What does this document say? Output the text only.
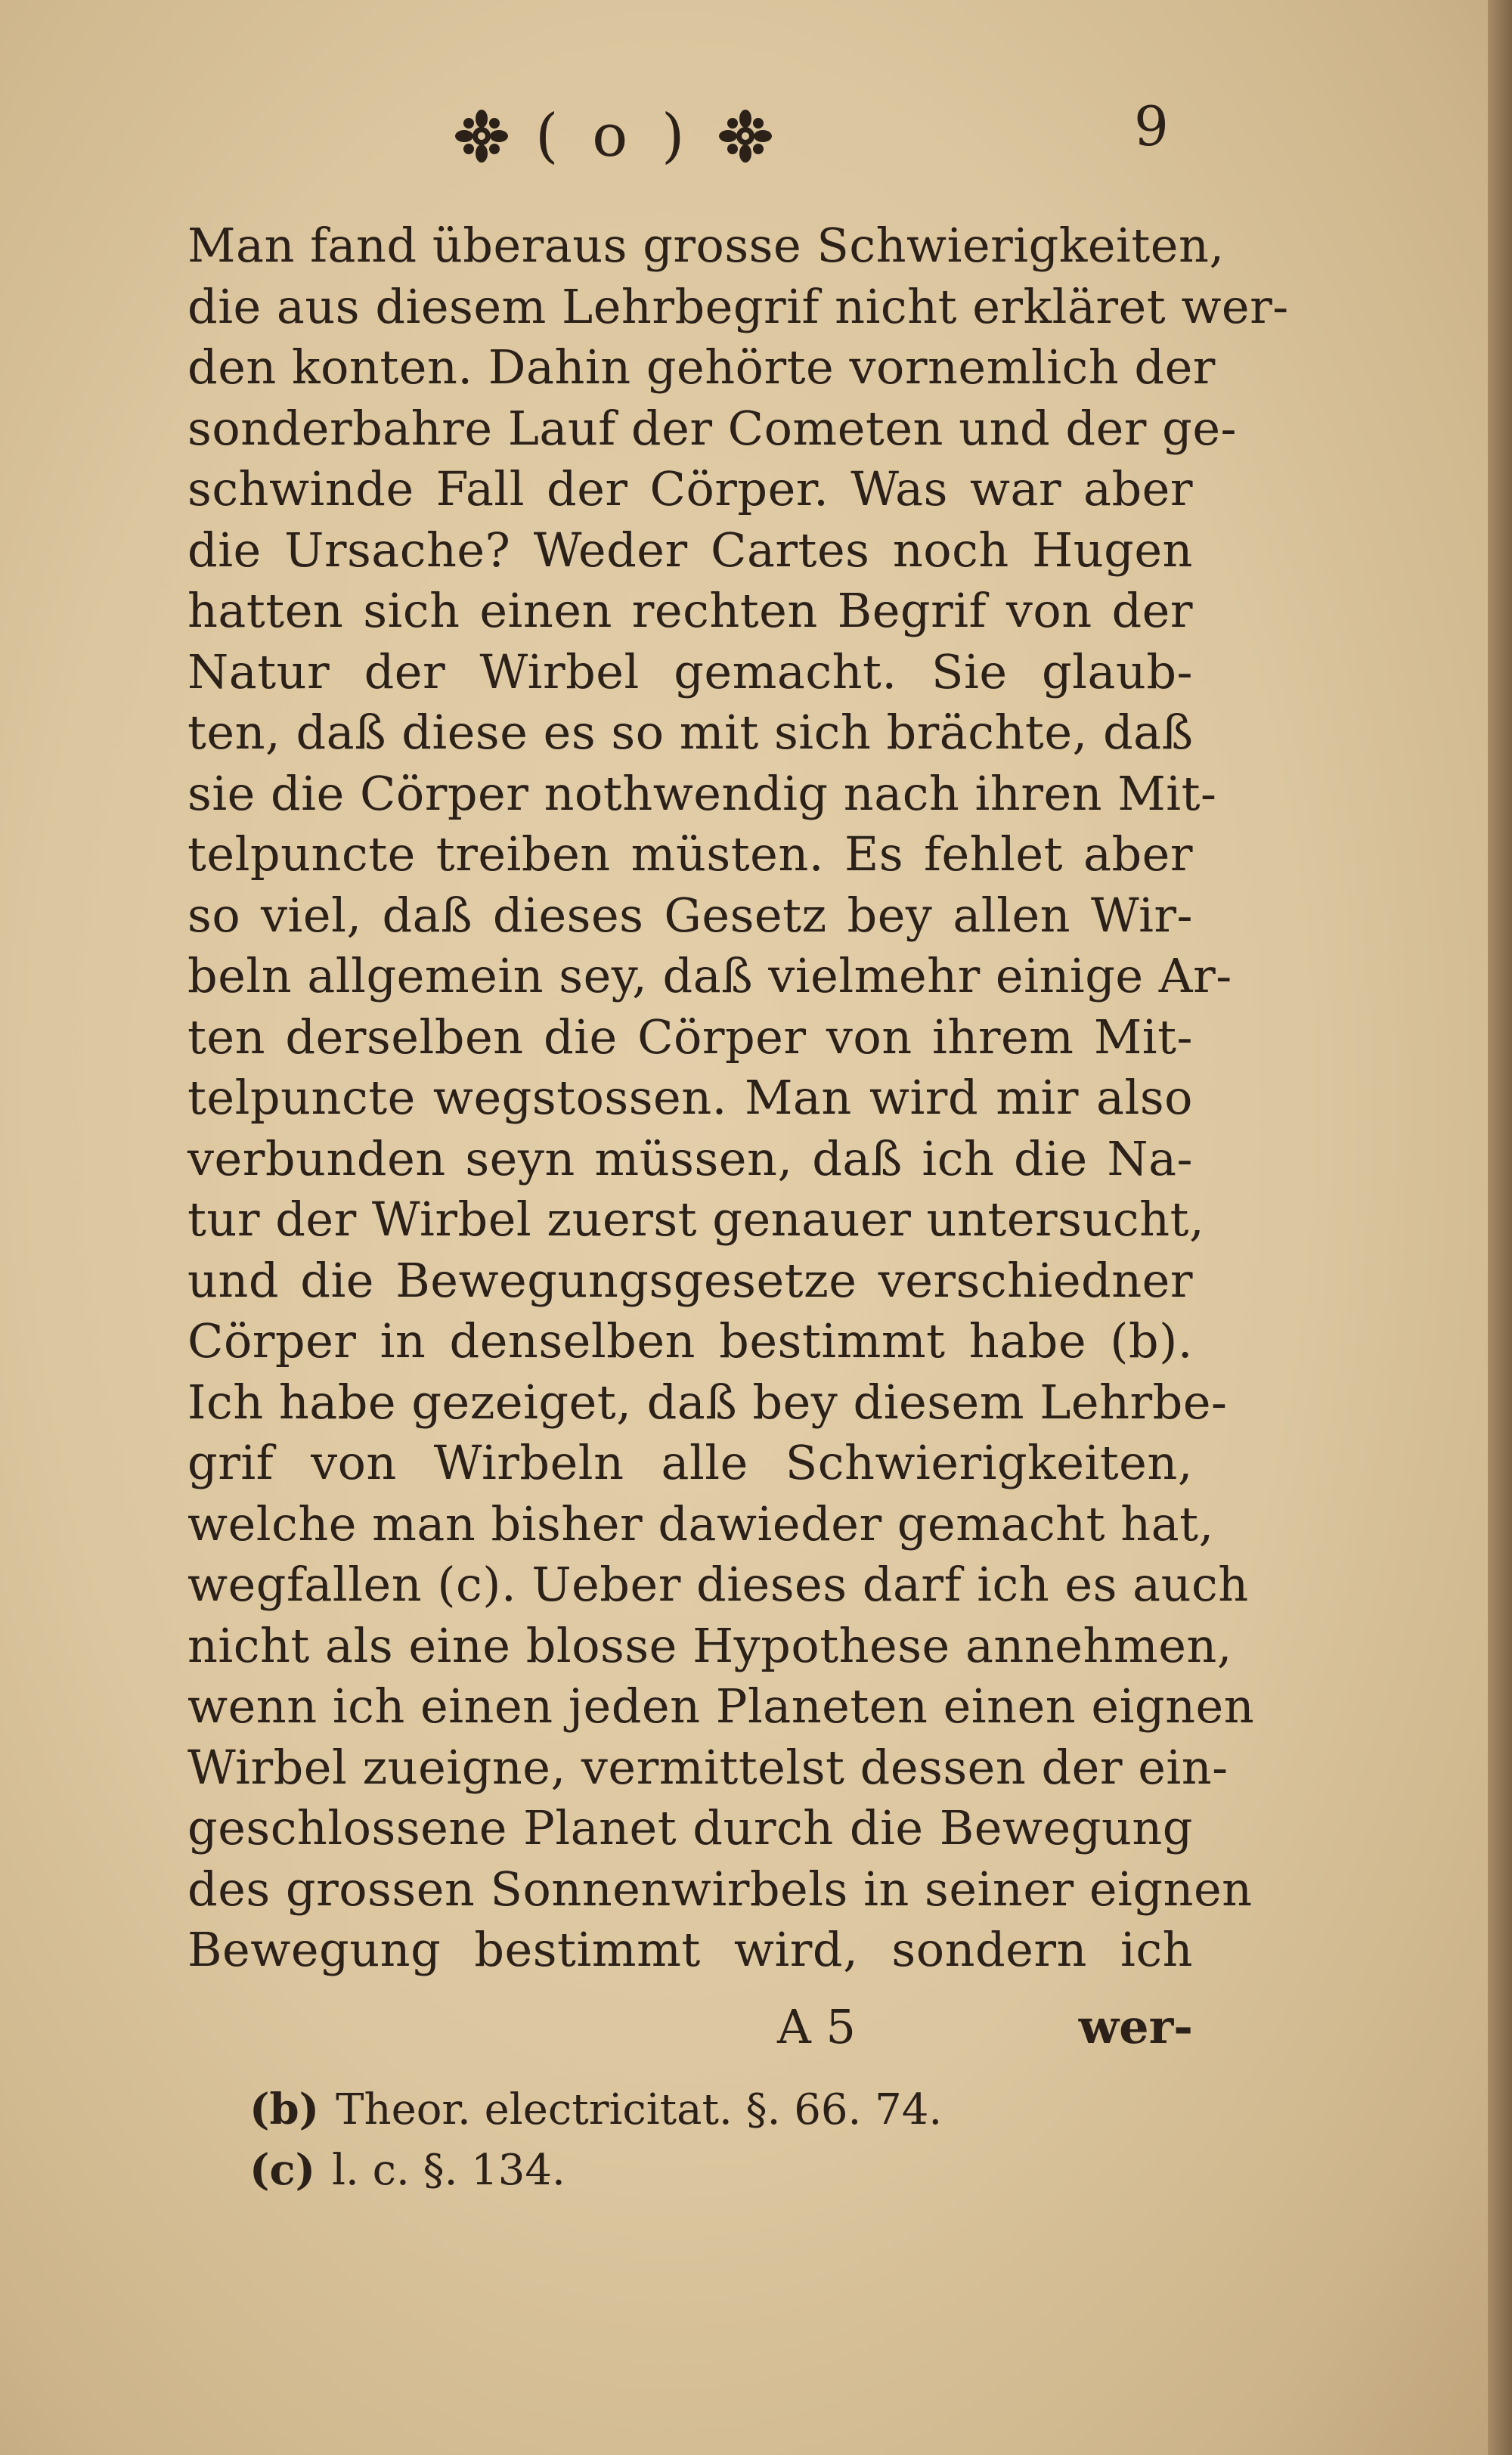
( o )	9
Man fand überaus grosse Schwierigkeiten,
die aus diesem Lehrbegrif nicht erkläret wer-
den konten. Dahin gehörte vornemlich der
sonderbahre Lauf der Cometen und der ge-
schwinde Fall der Cörper. Was war aber
die Ursache? Weder Cartes noch Hugen
hatten sich einen rechten Begrif von der
Natur der Wirbel gemacht. Sie glaub-
ten, daß diese es so mit sich brächte, daß
sie die Cörper nothwendig nach ihren Mit-
telpuncte treiben müsten. Es fehlet aber
so viel, daß dieses Gesetz bey allen Wir-
beln allgemein sey, daß vielmehr einige Ar-
ten derselben die Cörper von ihrem Mit-
telpuncte wegstossen. Man wird mir also
verbunden seyn müssen, daß ich die Na-
tur der Wirbel zuerst genauer untersucht,
und die Bewegungsgesetze verschiedner
Cörper in denselben bestimmt habe (b).
Ich habe gezeiget, daß bey diesem Lehrbe-
grif von Wirbeln alle Schwierigkeiten,
welche man bisher dawieder gemacht hat,
wegfallen (c). Ueber dieses darf ich es auch
nicht als eine blosse Hypothese annehmen,
wenn ich einen jeden Planeten einen eignen
Wirbel zueigne, vermittelst dessen der ein-
geschlossene Planet durch die Bewegung
des grossen Sonnenwirbels in seiner eignen
Bewegung bestimmt wird, sondern ich
A 5	wer-
(b) Theor. electricitat. §. 66. 74.
(c) l. c. §. 134.
